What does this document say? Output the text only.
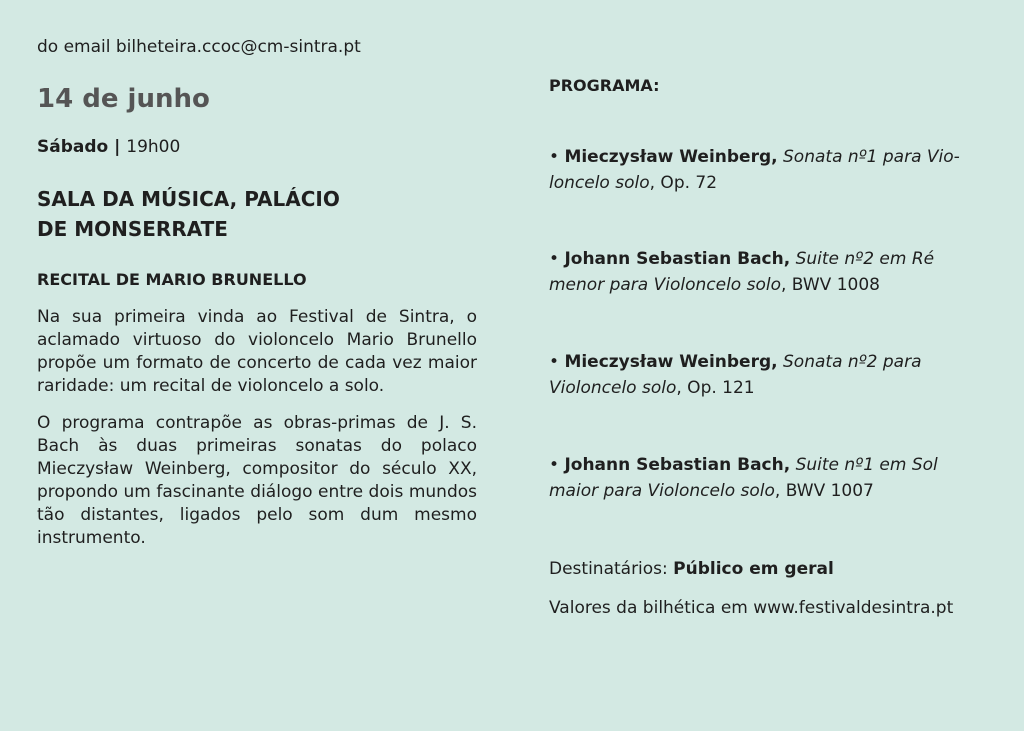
do email bilheteira.ccoc@cm-sintra.pt

14 de junho

Sábado | 19h00

SALA DA MÚSICA, PALÁCIO
DE MONSERRATE

RECITAL DE MARIO BRUNELLO

Na sua primeira vinda ao Festival de Sintra, o aclamado virtuoso do violoncelo Mario Brunello propõe um formato de concerto de cada vez maior raridade: um recital de violoncelo a solo.

O programa contrapõe as obras-primas de J. S. Bach às duas primeiras sonatas do polaco Mieczysław Weinberg, compositor do século XX, propondo um fascinante diálogo entre dois mundos tão distantes, ligados pelo som dum mesmo instrumento.

PROGRAMA:

• Mieczysław Weinberg, Sonata nº1 para Vio-
loncelo solo, Op. 72
• Johann Sebastian Bach, Suite nº2 em Ré
menor para Violoncelo solo, BWV 1008
• Mieczysław Weinberg, Sonata nº2 para
Violoncelo solo, Op. 121
• Johann Sebastian Bach, Suite nº1 em Sol
maior para Violoncelo solo, BWV 1007

Destinatários: Público em geral

Valores da bilhética em www.festivaldesintra.pt
